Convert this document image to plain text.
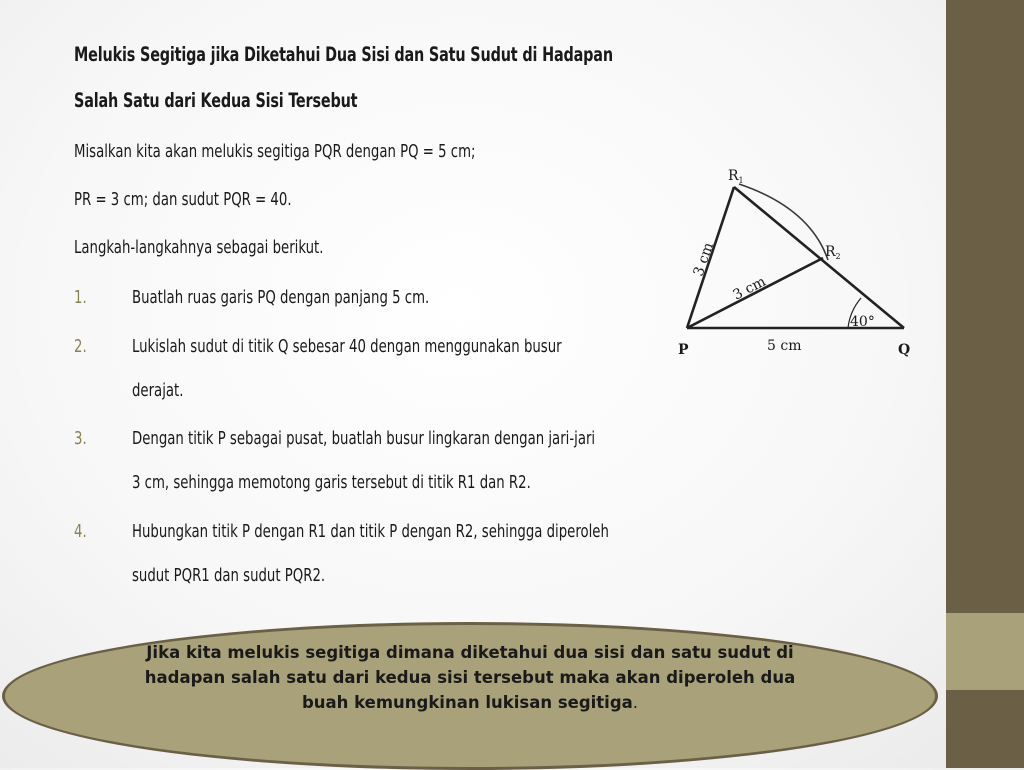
Melukis Segitiga jika Diketahui Dua Sisi dan Satu Sudut di Hadapan
Salah Satu dari Kedua Sisi Tersebut
Misalkan kita akan melukis segitiga PQR dengan PQ = 5 cm;
PR = 3 cm; dan sudut PQR = 40.
Langkah-langkahnya sebagai berikut.
1.	Buatlah ruas garis PQ dengan panjang 5 cm.
2.	Lukislah sudut di titik Q sebesar 40 dengan menggunakan busur
derajat.
3.	Dengan titik P sebagai pusat, buatlah busur lingkaran dengan jari-jari
3 cm, sehingga memotong garis tersebut di titik R1 dan R2.
4.	Hubungkan titik P dengan R1 dan titik P dengan R2, sehingga diperoleh
sudut PQR1 dan sudut PQR2.
P	Q
$R_1$
$R_2$
5 cm
3 cm
3 cm
40°
Jika kita melukis segitiga dimana diketahui dua sisi dan satu sudut di hadapan salah satu dari kedua sisi tersebut maka akan diperoleh dua buah kemungkinan lukisan segitiga.
